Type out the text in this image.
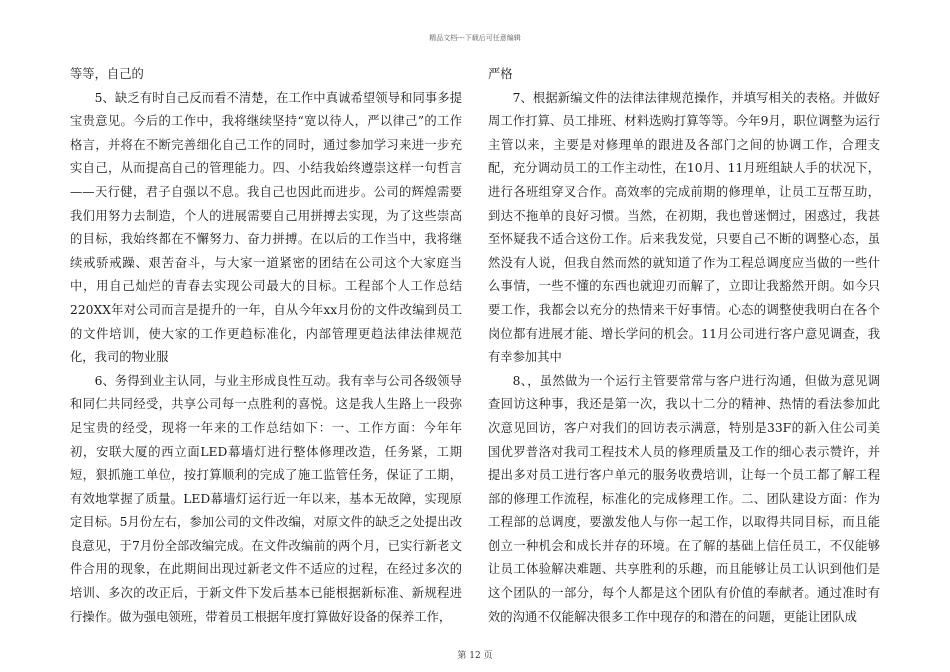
精品文档---下载后可任意编辑

等等，自己的

5、缺乏有时自己反而看不清楚，在工作中真诚希望领导和同事多提宝贵意见。今后的工作中，我将继续坚持“宽以待人，严以律己”的工作格言，并将在不断完善细化自己工作的同时，通过参加学习来进一步充实自己，从而提高自己的管理能力。四、小结我始终遵崇这样一句哲言——天行健，君子自强以不息。我自己也因此而进步。公司的辉煌需要我们用努力去制造，个人的进展需要自己用拼搏去实现，为了这些崇高的目标，我始终都在不懈努力、奋力拼搏。在以后的工作当中，我将继续戒骄戒躁、艰苦奋斗，与大家一道紧密的团结在公司这个大家庭当中，用自己灿烂的青春去实现公司最大的目标。工程部个人工作总结220XX年对公司而言是提升的一年，自从今年xx月份的文件改编到员工的文件培训，使大家的工作更趋标准化，内部管理更趋法律法律规范化，我司的物业服

6、务得到业主认同，与业主形成良性互动。我有幸与公司各级领导和同仁共同经受，共享公司每一点胜利的喜悦。这是我人生路上一段弥足宝贵的经受，现将一年来的工作总结如下：一、工作方面：今年年初，安联大厦的西立面LED幕墙灯进行整体修理改造，任务紧，工期短，狠抓施工单位，按打算顺利的完成了施工监管任务，保证了工期，有效地掌握了质量。LED幕墙灯运行近一年以来，基本无故障，实现原定目标。5月份左右，参加公司的文件改编，对原文件的缺乏之处提出改良意见，于7月份全部改编完成。在文件改编前的两个月，已实行新老文件合用的现象，在此期间出现过新老文件不适应的过程，在经过多次的培训、多次的改正后，于新文件下发后基本已能根据新标准、新规程进行操作。做为强电领班，带着员工根据年度打算做好设备的保养工作，

严格

7、根据新编文件的法律法律规范操作，并填写相关的表格。并做好周工作打算、员工排班、材料选购打算等等。今年9月，职位调整为运行主管以来，主要是对修理单的跟进及各部门之间的协调工作，合理支配，充分调动员工的工作主动性，在10月、11月班组缺人手的状况下，进行各班组穿叉合作。高效率的完成前期的修理单，让员工互帮互助，到达不拖单的良好习惯。当然，在初期，我也曾迷惘过，困惑过，我甚至怀疑我不适合这份工作。后来我发觉，只要自己不断的调整心态，虽然没有人说，但我自然而然的就知道了作为工程总调度应当做的一些什么事情，一些不懂的东西也就迎刃而解了，立即让我豁然开朗。如今只要工作，我都会以充分的热情来干好事情。心态的调整使我明白在各个岗位都有进展才能、增长学问的机会。11月公司进行客户意见调查，我有幸参加其中

8、，虽然做为一个运行主管要常常与客户进行沟通，但做为意见调查回访这种事，我还是第一次，我以十二分的精神、热情的看法参加此次意见回访，客户对我们的回访表示满意，特别是33F的新入住公司美国优罗普洛对我司工程技术人员的修理质量及工作的细心表示赞许，并提出多对员工进行客户单元的服务收费培训，让每一个员工都了解工程部的修理工作流程，标准化的完成修理工作。二、团队建设方面：作为工程部的总调度，要激发他人与你一起工作，以取得共同目标，而且能创立一种机会和成长并存的环境。在了解的基础上信任员工，不仅能够让员工体验解决难题、共享胜利的乐趣，而且能够让员工认识到他们是这个团队的一部分，每个人都是这个团队有价值的奉献者。通过准时有效的沟通不仅能解决很多工作中现存的和潜在的问题，更能让团队成

第 12 页
